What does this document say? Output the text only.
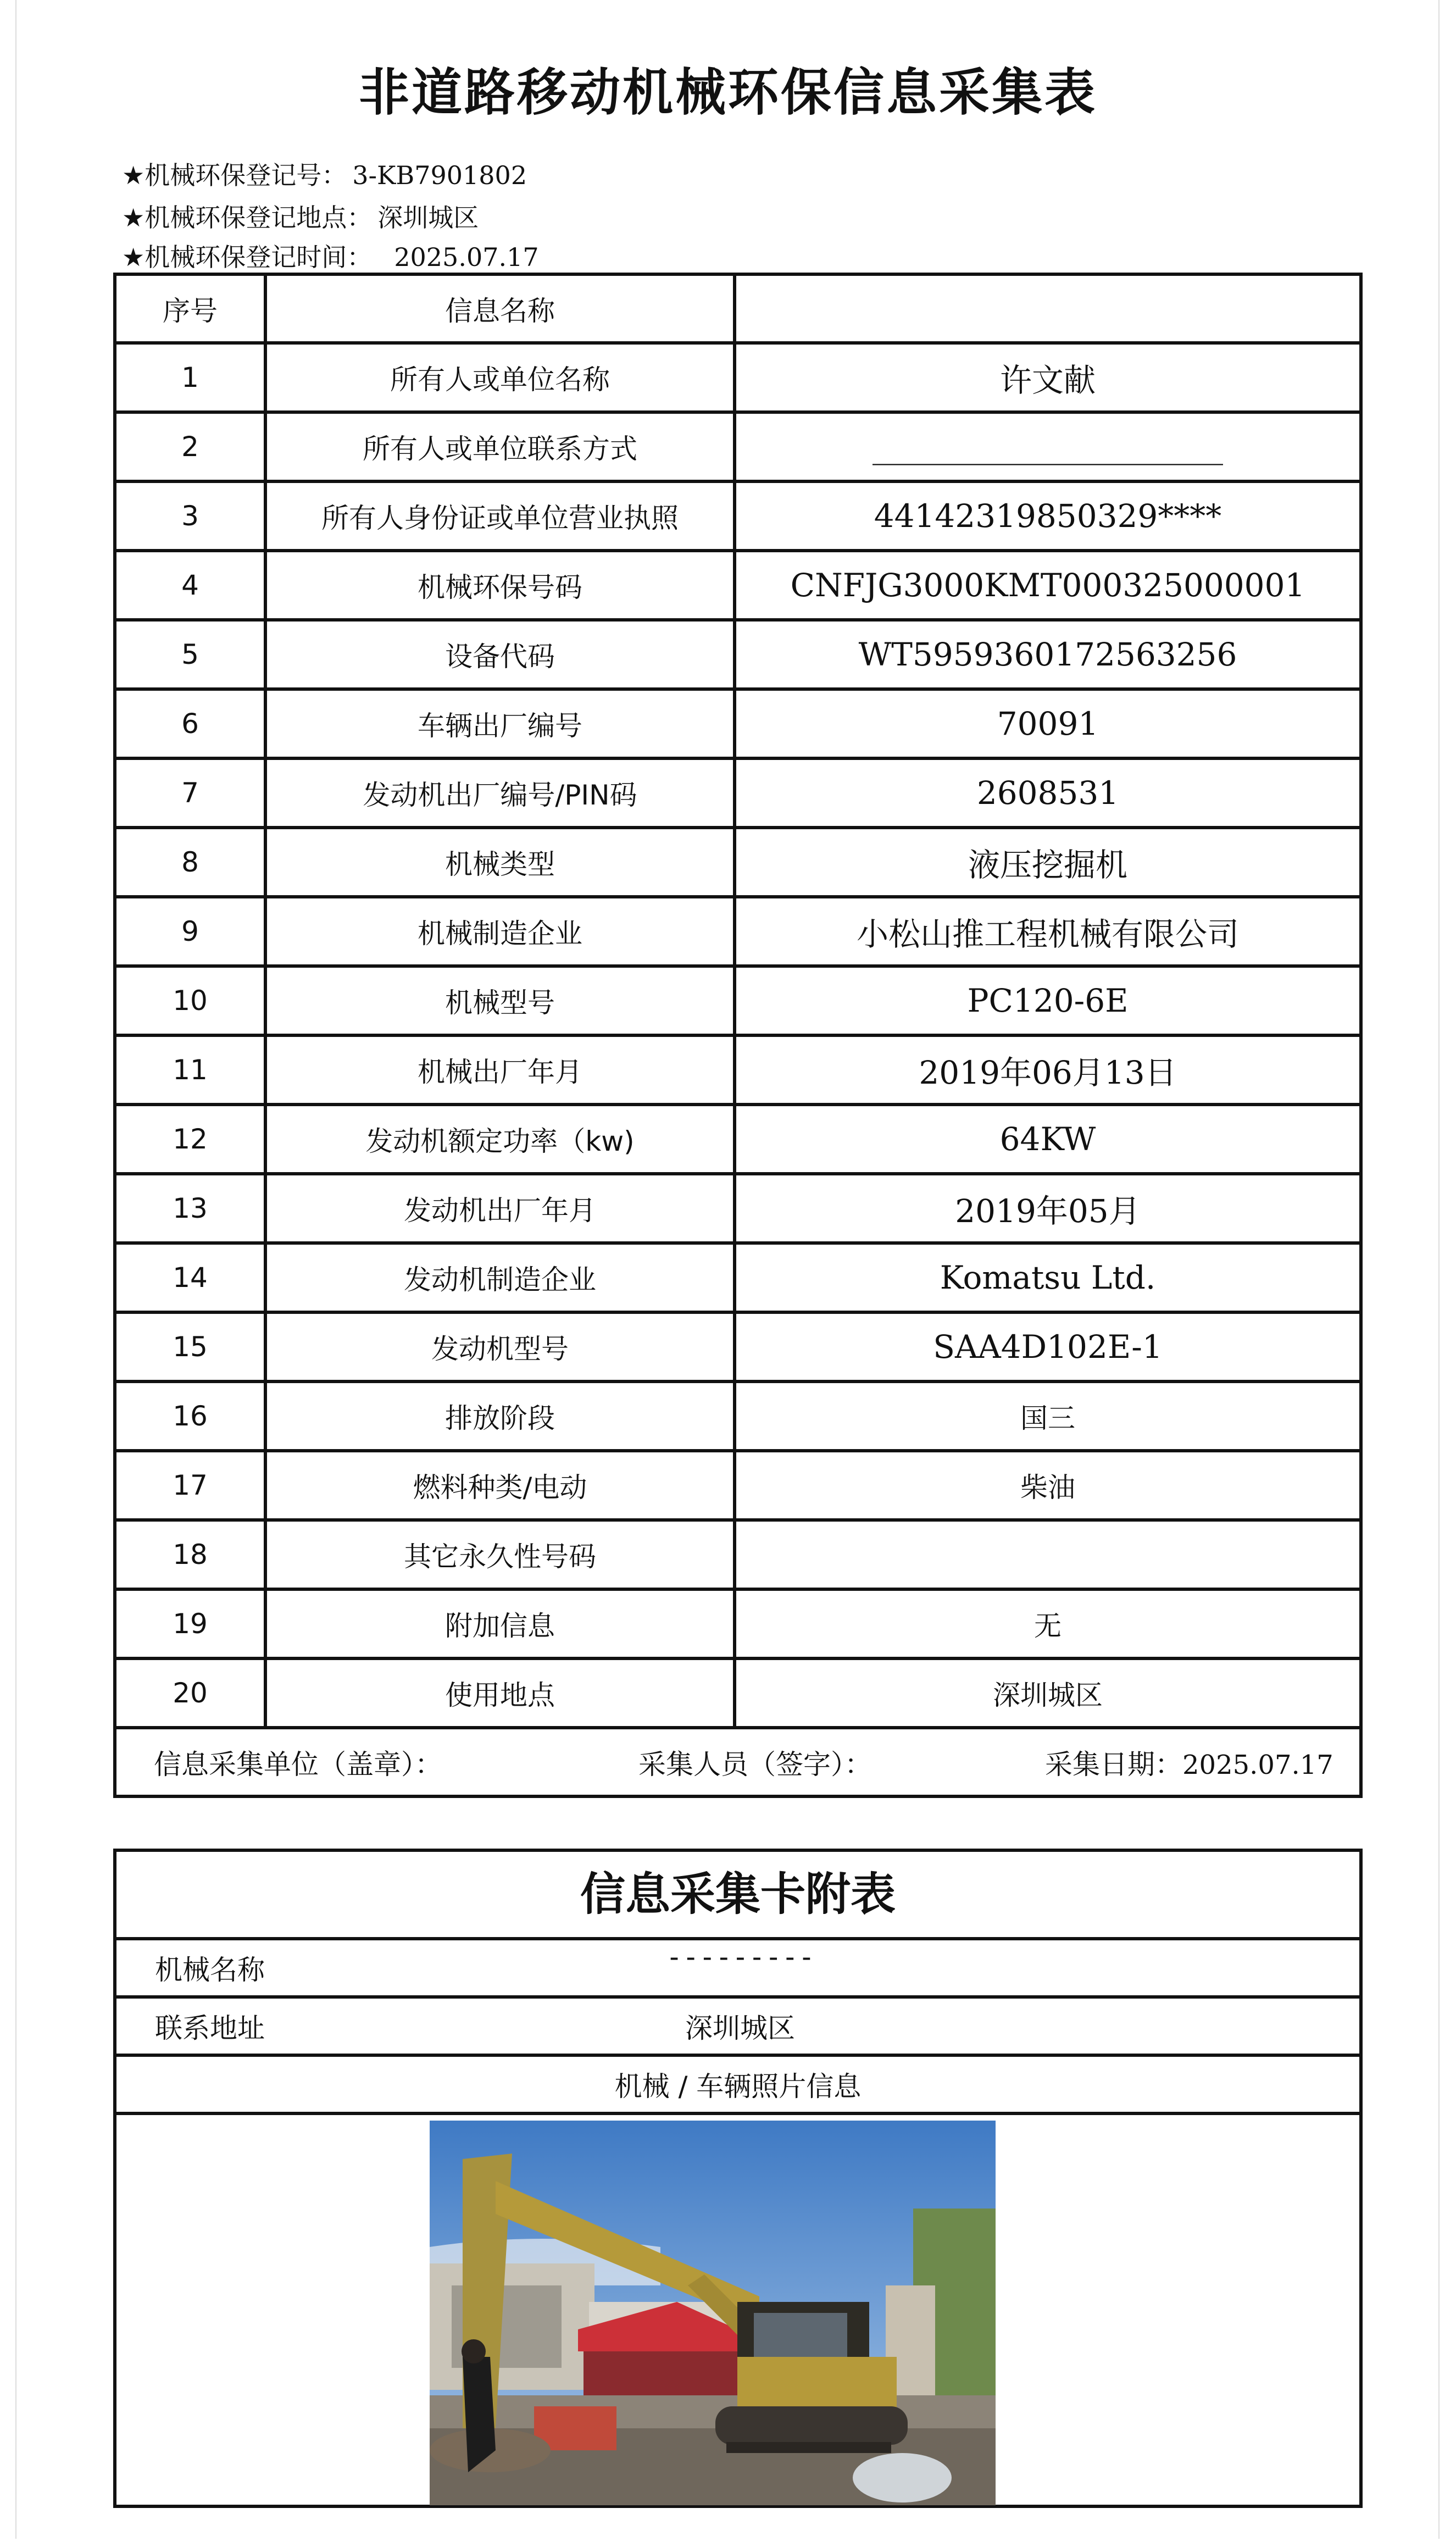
非道路移动机械环保信息采集表
★机械环保登记号： 3-KB7901802
★机械环保登记地点： 深圳城区
★机械环保登记时间： 2025.07.17
序号	信息名称	
1	所有人或单位名称	许文献
2	所有人或单位联系方式	______________________
3	所有人身份证或单位营业执照	44142319850329****
4	机械环保号码	CNFJG3000KMT000325000001
5	设备代码	WT5959360172563256
6	车辆出厂编号	70091
7	发动机出厂编号/PIN码	2608531
8	机械类型	液压挖掘机
9	机械制造企业	小松山推工程机械有限公司
10	机械型号	PC120-6E
11	机械出厂年月	2019年06月13日
12	发动机额定功率（kw)	64KW
13	发动机出厂年月	2019年05月
14	发动机制造企业	Komatsu Ltd.
15	发动机型号	SAA4D102E-1
16	排放阶段	国三
17	燃料种类/电动	柴油
18	其它永久性号码	
19	附加信息	无
20	使用地点	深圳城区

信息采集单位（盖章）： 采集人员（签字）： 采集日期：2025.07.17		
信息采集卡附表
机械名称	---------
联系地址	深圳城区
机械 / 车辆照片信息
